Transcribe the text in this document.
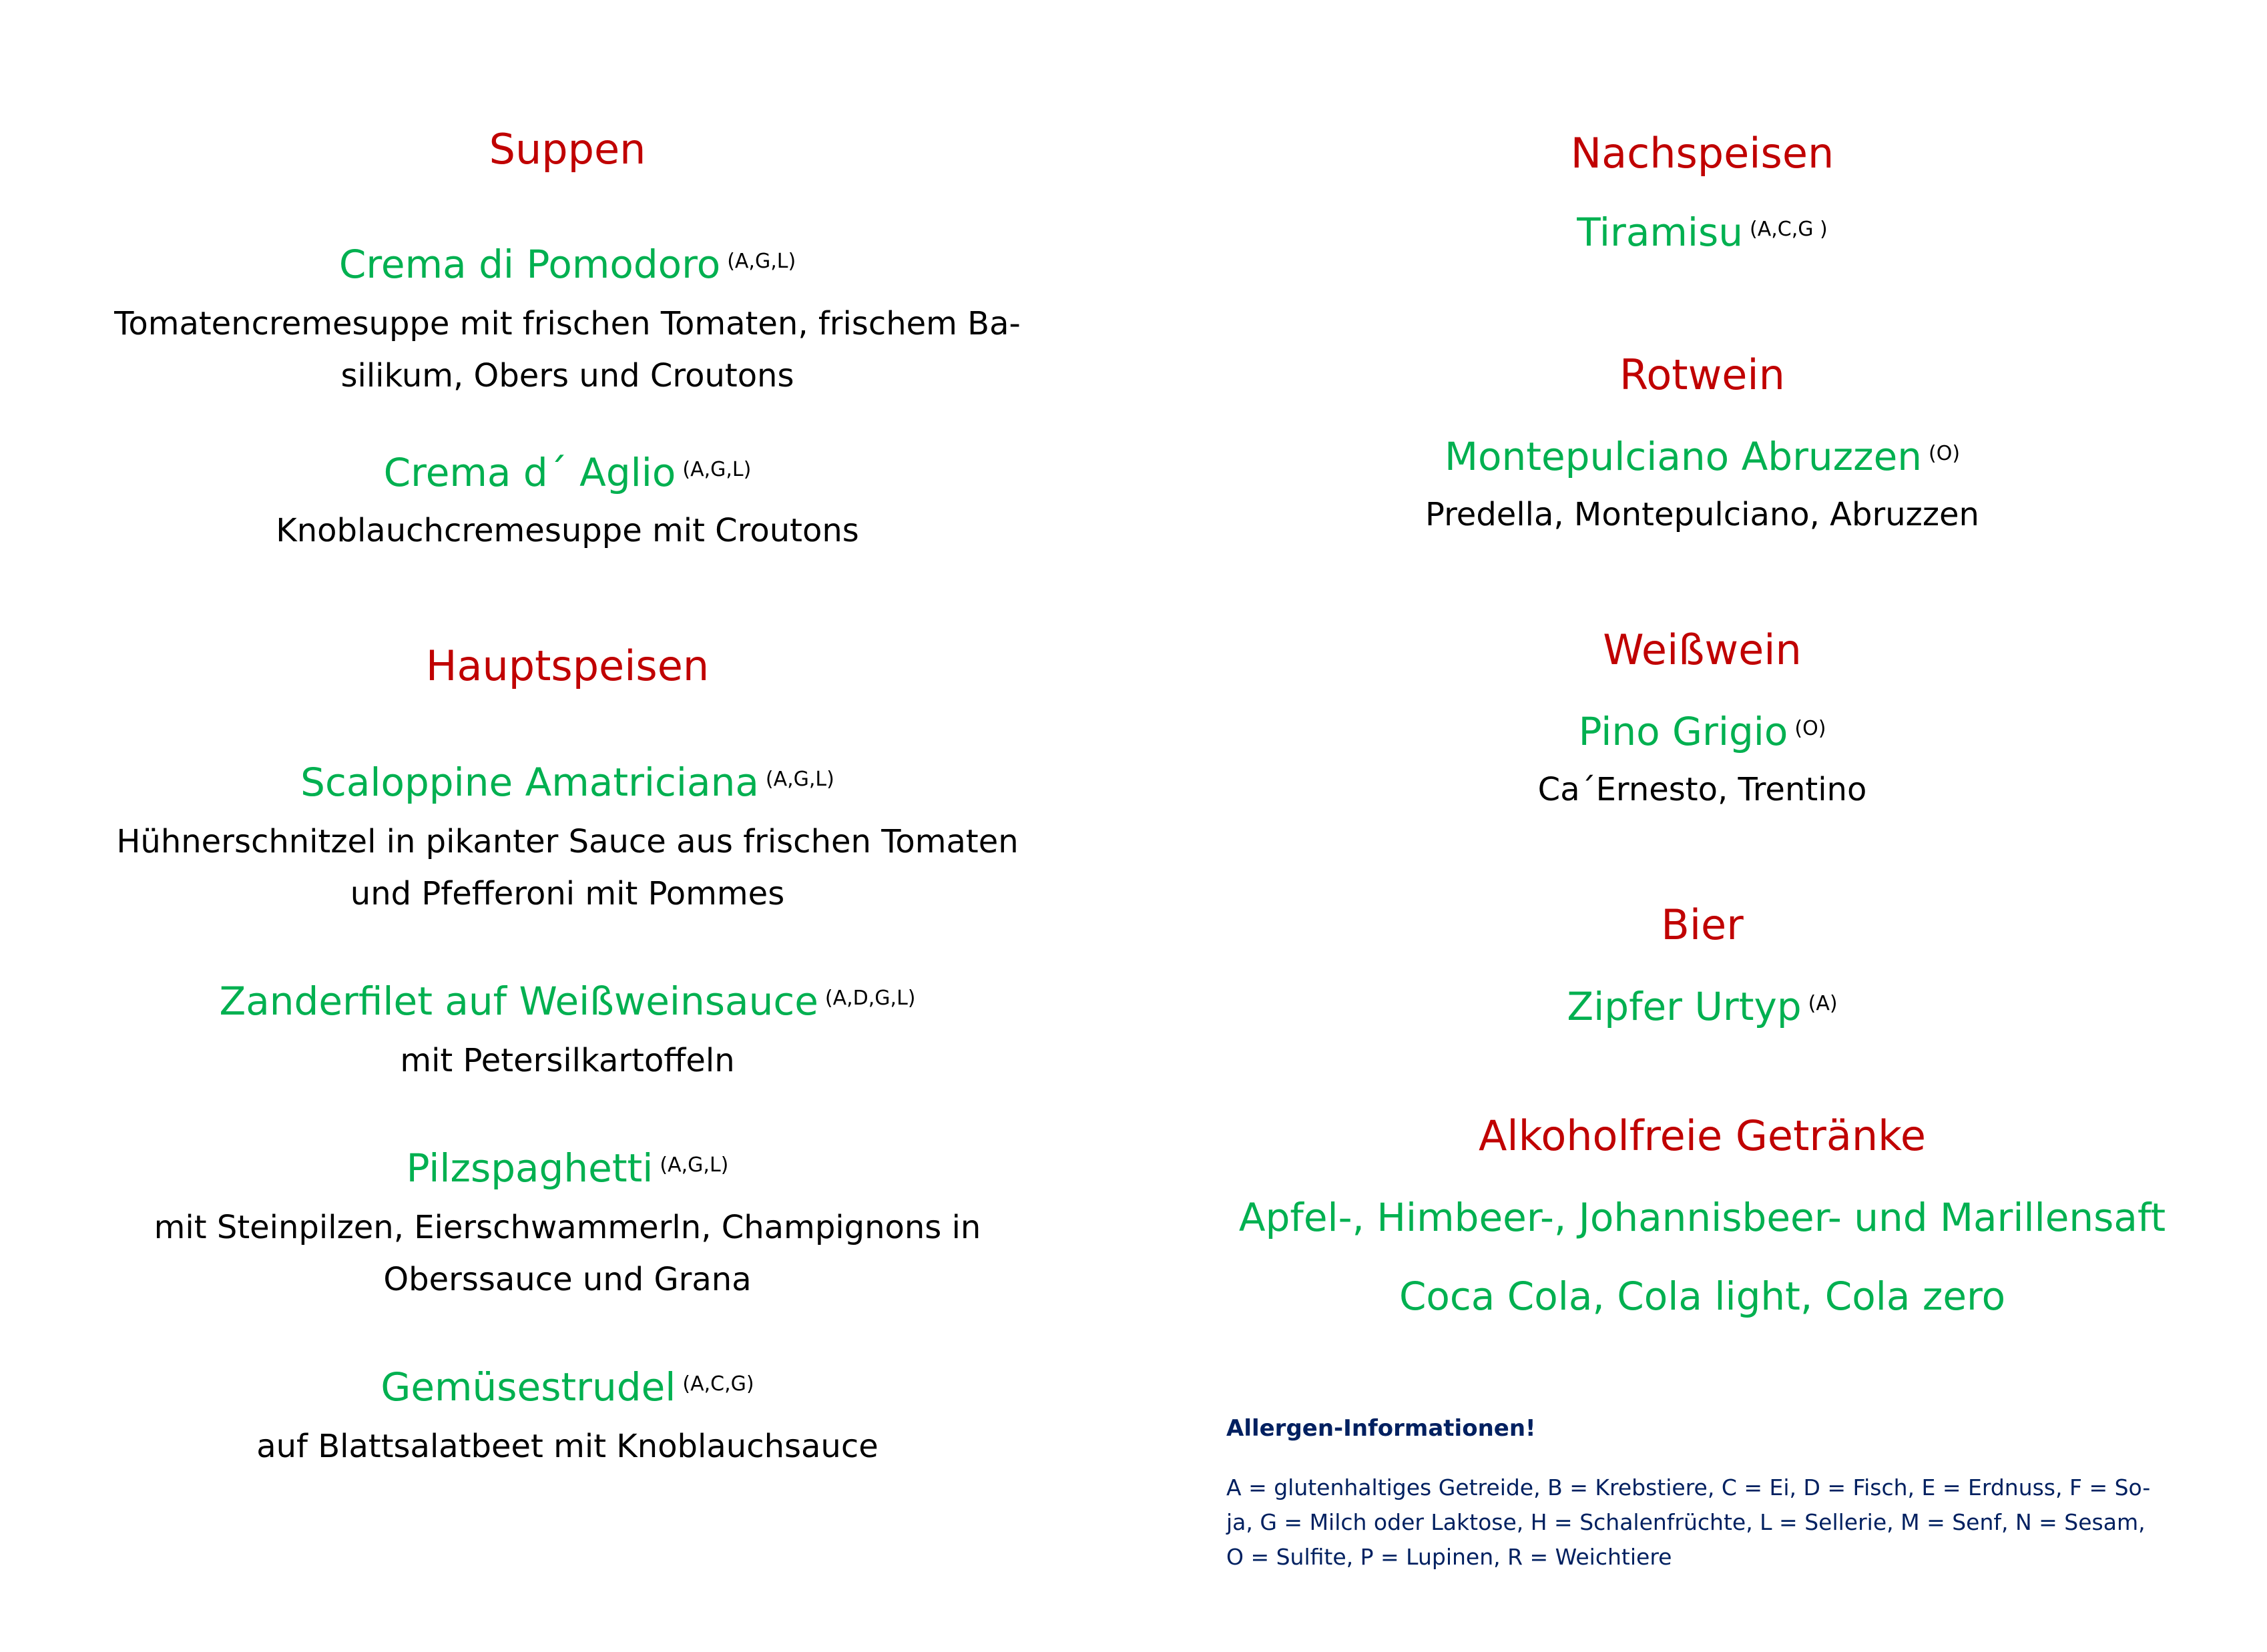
Suppen
Crema di Pomodoro $^{(A,G,L)}$
Tomatencremesuppe mit frischen Tomaten, frischem Ba-
silikum, Obers und Croutons
Crema d´ Aglio $^{(A,G,L)}$
Knoblauchcremesuppe mit Croutons
Hauptspeisen
Scaloppine Amatriciana $^{(A,G,L)}$
Hühnerschnitzel in pikanter Sauce aus frischen Tomaten
und Pfefferoni mit Pommes
Zanderfilet auf Weißweinsauce $^{(A,D,G,L)}$
mit Petersilkartoffeln
Pilzspaghetti $^{(A,G,L)}$
mit Steinpilzen, Eierschwammerln, Champignons in
Oberssauce und Grana
Gemüsestrudel $^{(A,C,G)}$
auf Blattsalatbeet mit Knoblauchsauce
Nachspeisen
Tiramisu $^{(A,C,G )}$
Rotwein
Montepulciano Abruzzen $^{(O)}$
Predella, Montepulciano, Abruzzen
Weißwein
Pino Grigio $^{(O)}$
Ca´Ernesto, Trentino
Bier
Zipfer Urtyp $^{(A)}$
Alkoholfreie Getränke
Apfel-, Himbeer-, Johannisbeer- und Marillensaft
Coca Cola, Cola light, Cola zero
Allergen-Informationen!
A = glutenhaltiges Getreide, B = Krebstiere, C = Ei, D = Fisch, E = Erdnuss, F = So-
ja, G = Milch oder Laktose, H = Schalenfrüchte, L = Sellerie, M = Senf, N = Sesam,
O = Sulfite, P = Lupinen, R = Weichtiere
